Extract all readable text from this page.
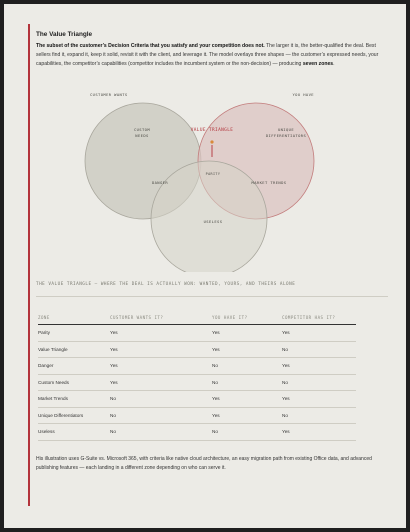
The Value Triangle

The subset of the customer’s Decision Criteria that you satisfy and your competition does not. The larger it is, the better-qualified the deal. Best sellers find it, expand it, keep it solid, revisit it with the client, and leverage it. The model overlays three shapes — the customer’s expressed needs, your capabilities, the competitor’s capabilities (competitor includes the incumbent system or the non-decision) — producing seven zones.

CUSTOMER WANTS	YOU HAVE
CUSTOM
NEEDS
VALUE TRIANGLE	UNIQUE
DIFFERENTIATORS
PARITY
DANGER	MARKET TRENDS
USELESS
THE VALUE TRIANGLE — WHERE THE DEAL IS ACTUALLY WON: WANTED, YOURS, AND THEIRS ALONE
ZONE	CUSTOMER WANTS IT?	YOU HAVE IT?	COMPETITOR HAS IT?
Parity	Yes	Yes	Yes
Value Triangle	Yes	Yes	No
Danger	Yes	No	Yes
Custom Needs	Yes	No	No
Market Trends	No	Yes	Yes
Unique Differentiators	No	Yes	No
Useless	No	No	Yes

His illustration uses G-Suite vs. Microsoft 365, with criteria like native cloud architecture, an easy migration path from existing Office data, and advanced publishing features — each landing in a different zone depending on who can serve it.
